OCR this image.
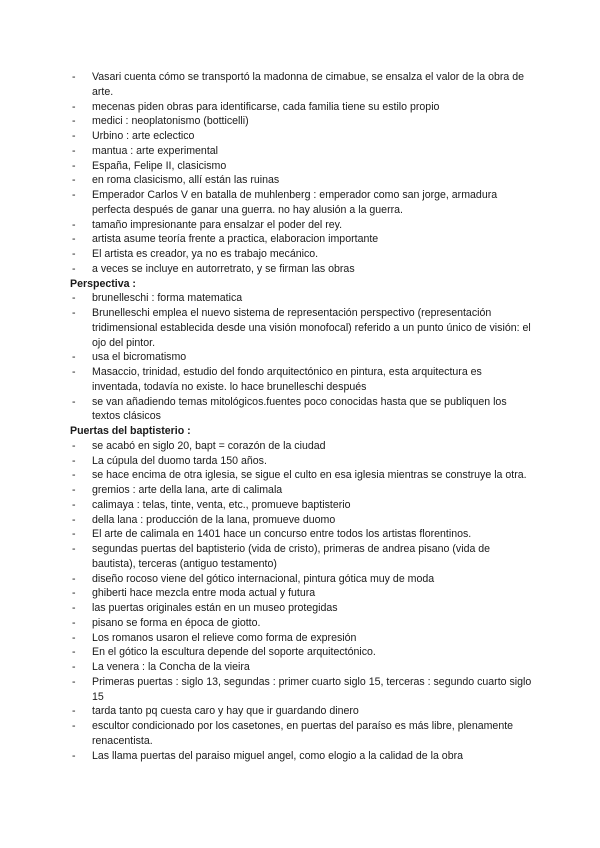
- Vasari cuenta cómo se transportó la madonna de cimabue, se ensalza el valor de la obra de arte.
- mecenas piden obras para identificarse, cada familia tiene su estilo propio
- medici : neoplatonismo (botticelli)
- Urbino : arte eclectico
- mantua : arte experimental
- España, Felipe II, clasicismo
- en roma clasicismo, allí están las ruinas
- Emperador Carlos V en batalla de muhlenberg : emperador como san jorge, armadura perfecta después de ganar una guerra. no hay alusión a la guerra.
- tamaño impresionante para ensalzar el poder del rey.
- artista asume teoría frente a practica, elaboracion importante
- El artista es creador, ya no es trabajo mecánico.
- a veces se incluye en autorretrato, y se firman las obras
Perspectiva :
- brunelleschi : forma matematica
- Brunelleschi emplea el nuevo sistema de representación perspectivo (representación tridimensional establecida desde una visión monofocal) referido a un punto único de visión: el ojo del pintor.
- usa el bicromatismo
- Masaccio, trinidad, estudio del fondo arquitectónico en pintura, esta arquitectura es inventada, todavía no existe. lo hace brunelleschi después
- se van añadiendo temas mitológicos.fuentes poco conocidas hasta que se publiquen los textos clásicos
Puertas del baptisterio :
- se acabó en siglo 20, bapt = corazón de la ciudad
- La cúpula del duomo tarda 150 años.
- se hace encima de otra iglesia, se sigue el culto en esa iglesia mientras se construye la otra.
- gremios : arte della lana, arte di calimala
- calimaya : telas, tinte, venta, etc., promueve baptisterio
- della lana : producción de la lana, promueve duomo
- El arte de calimala en 1401 hace un concurso entre todos los artistas florentinos.
- segundas puertas del baptisterio (vida de cristo), primeras de andrea pisano (vida de bautista), terceras (antiguo testamento)
- diseño rocoso viene del gótico internacional, pintura gótica muy de moda
- ghiberti hace mezcla entre moda actual y futura
- las puertas originales están en un museo protegidas
- pisano se forma en época de giotto.
- Los romanos usaron el relieve como forma de expresión
- En el gótico la escultura depende del soporte arquitectónico.
- La venera : la Concha de la vieira
- Primeras puertas : siglo 13, segundas : primer cuarto siglo 15, terceras : segundo cuarto siglo 15
- tarda tanto pq cuesta caro y hay que ir guardando dinero
- escultor condicionado por los casetones, en puertas del paraíso es más libre, plenamente renacentista.
- Las llama puertas del paraiso miguel angel, como elogio a la calidad de la obra
